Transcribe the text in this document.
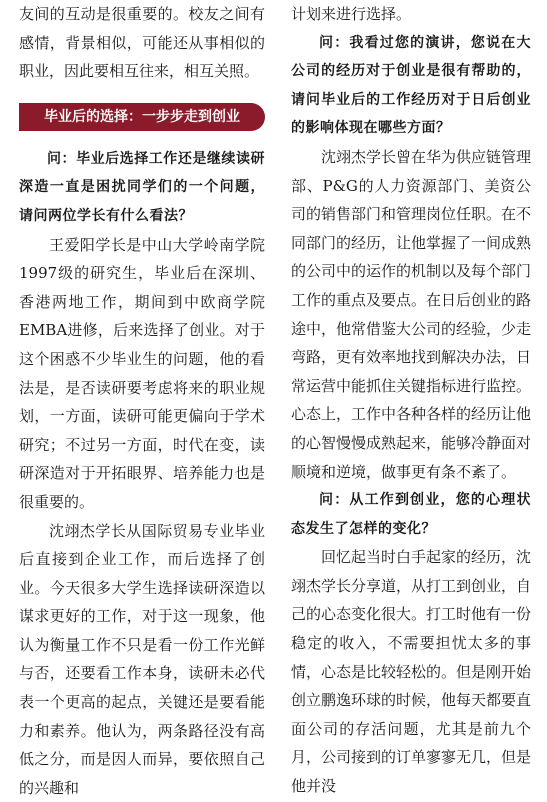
友间的互动是很重要的。校友之间有感情，背景相似，可能还从事相似的职业，因此要相互往来，相互关照。

毕业后的选择：一步步走到创业

问：毕业后选择工作还是继续读研深造一直是困扰同学们的一个问题，请问两位学长有什么看法？

王爱阳学长是中山大学岭南学院1997级的研究生，毕业后在深圳、香港两地工作，期间到中欧商学院EMBA进修，后来选择了创业。对于这个困惑不少毕业生的问题，他的看法是，是否读研要考虑将来的职业规划，一方面，读研可能更偏向于学术研究；不过另一方面，时代在变，读研深造对于开拓眼界、培养能力也是很重要的。

沈翊杰学长从国际贸易专业毕业后直接到企业工作，而后选择了创业。今天很多大学生选择读研深造以谋求更好的工作，对于这一现象，他认为衡量工作不只是看一份工作光鲜与否，还要看工作本身，读研未必代表一个更高的起点，关键还是要看能力和素养。他认为，两条路径没有高低之分，而是因人而异，要依照自己的兴趣和

计划来进行选择。

问：我看过您的演讲，您说在大公司的经历对于创业是很有帮助的，请问毕业后的工作经历对于日后创业的影响体现在哪些方面？

沈翊杰学长曾在华为供应链管理部、P&G的人力资源部门、美资公司的销售部门和管理岗位任职。在不同部门的经历，让他掌握了一间成熟的公司中的运作的机制以及每个部门工作的重点及要点。在日后创业的路途中，他常借鉴大公司的经验，少走弯路，更有效率地找到解决办法，日常运营中能抓住关键指标进行监控。心态上，工作中各种各样的经历让他的心智慢慢成熟起来，能够冷静面对顺境和逆境，做事更有条不紊了。

问：从工作到创业，您的心理状态发生了怎样的变化？

回忆起当时白手起家的经历，沈翊杰学长分享道，从打工到创业，自己的心态变化很大。打工时他有一份稳定的收入，不需要担忧太多的事情，心态是比较轻松的。但是刚开始创立鹏逸环球的时候，他每天都要直面公司的存活问题，尤其是前九个月，公司接到的订单寥寥无几，但是他并没
